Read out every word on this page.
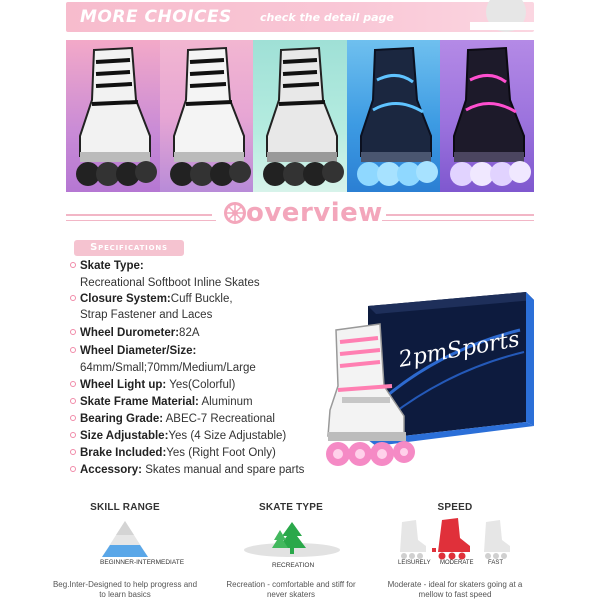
MORE CHOICES	check the detail page
overview
Specifications
Skate Type:
Recreational Softboot Inline Skates
Closure System:Cuff Buckle,
Strap Fastener and Laces
Wheel Durometer:82A
Wheel Diameter/Size:
64mm/Small;70mm/Medium/Large
Wheel Light up: Yes(Colorful)
Skate Frame Material: Aluminum
Bearing Grade: ABEC-7 Recreational
Size Adjustable:Yes (4 Size Adjustable)
Brake Included:Yes (Right Foot Only)
Accessory: Skates manual and spare parts
2pmSports
SKILL RANGE
Beg.Inter-Designed to help progress and to learn basics
BEGINNER-INTERMEDIATE
SKATE TYPE
Recreation - comfortable and stiff for never skaters
RECREATION
SPEED
Moderate - ideal for skaters going at a mellow to fast speed
LEISURELY MODERATE FAST
